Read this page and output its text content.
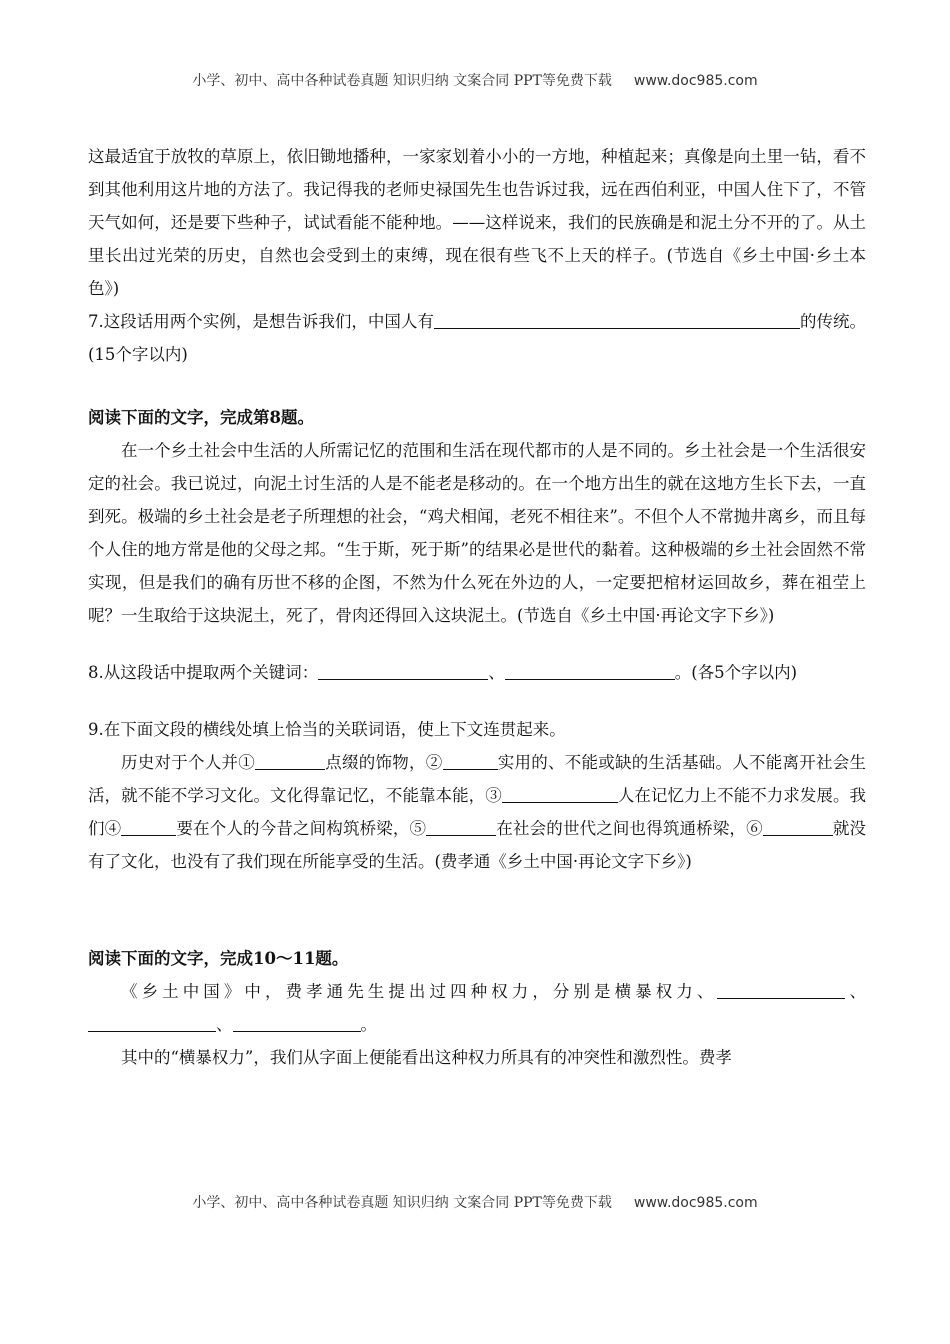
小学、初中、高中各种试卷真题 知识归纳 文案合同 PPT等免费下载 www.doc985.com

这最适宜于放牧的草原上，依旧锄地播种，一家家划着小小的一方地，种植起来；真像是向土里一钻，看不到其他利用这片地的方法了。我记得我的老师史禄国先生也告诉过我，远在西伯利亚，中国人住下了，不管天气如何，还是要下些种子，试试看能不能种地。——这样说来，我们的民族确是和泥土分不开的了。从土里长出过光荣的历史，自然也会受到土的束缚，现在很有些飞不上天的样子。(节选自《乡土中国·乡土本色》)

7.这段话用两个实例，是想告诉我们，中国人有	的传统。(15个字以内)

阅读下面的文字，完成第8题。

在一个乡土社会中生活的人所需记忆的范围和生活在现代都市的人是不同的。乡土社会是一个生活很安定的社会。我已说过，向泥土讨生活的人是不能老是移动的。在一个地方出生的就在这地方生长下去，一直到死。极端的乡土社会是老子所理想的社会，“鸡犬相闻，老死不相往来”。不但个人不常抛井离乡，而且每个人住的地方常是他的父母之邦。“生于斯，死于斯”的结果必是世代的黏着。这种极端的乡土社会固然不常实现，但是我们的确有历世不移的企图，不然为什么死在外边的人，一定要把棺材运回故乡，葬在祖茔上呢？一生取给于这块泥土，死了，骨肉还得回入这块泥土。(节选自《乡土中国·再论文字下乡》)

8.从这段话中提取两个关键词：	、	。(各5个字以内)

9.在下面文段的横线处填上恰当的关联词语，使上下文连贯起来。

历史对于个人并①	点缀的饰物，②	实用的、不能或缺的生活基础。人不能离开社会生活，就不能不学习文化。文化得靠记忆，不能靠本能，③	人在记忆力上不能不力求发展。我们④	要在个人的今昔之间构筑桥梁，⑤	在社会的世代之间也得筑通桥梁，⑥	就没有了文化，也没有了我们现在所能享受的生活。(费孝通《乡土中国·再论文字下乡》)

阅读下面的文字，完成10～11题。

《乡土中国》中，费孝通先生提出过四种权力，分别是横暴权力、	、、	。

其中的“横暴权力”，我们从字面上便能看出这种权力所具有的冲突性和激烈性。费孝

小学、初中、高中各种试卷真题 知识归纳 文案合同 PPT等免费下载 www.doc985.com
